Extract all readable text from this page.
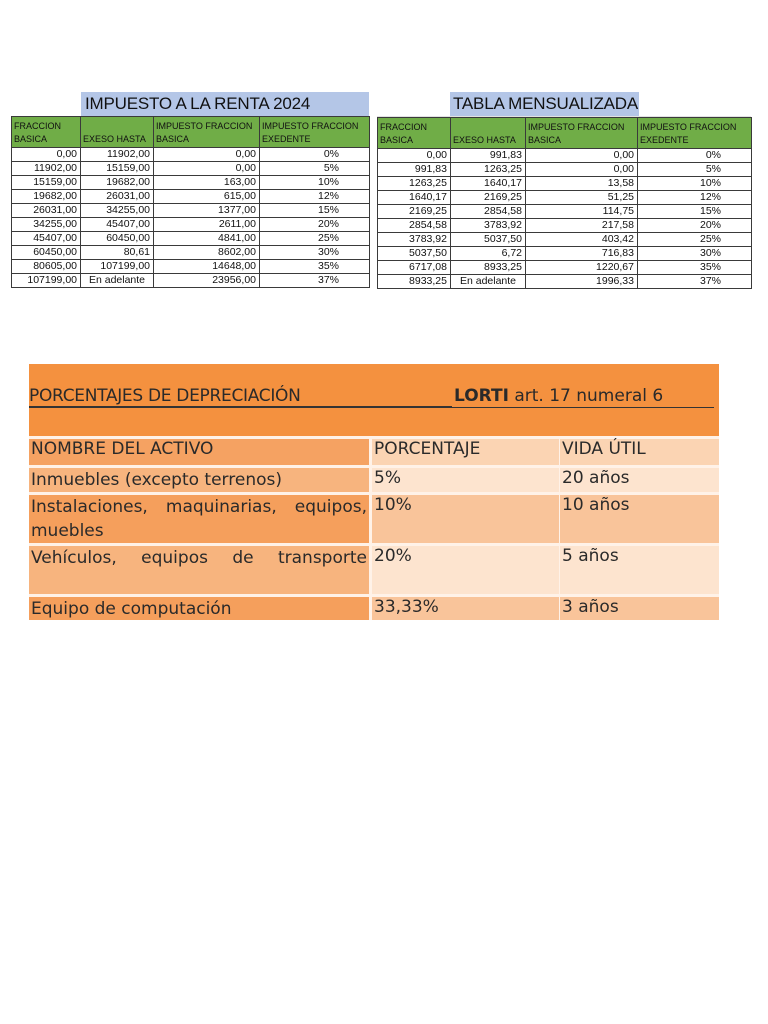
IMPUESTO A LA RENTA 2024
FRACCION BASICA	EXESO HASTA	IMPUESTO FRACCION BASICA	IMPUESTO FRACCION EXEDENTE
0,00	11902,00	0,00	0%
11902,00	15159,00	0,00	5%
15159,00	19682,00	163,00	10%
19682,00	26031,00	615,00	12%
26031,00	34255,00	1377,00	15%
34255,00	45407,00	2611,00	20%
45407,00	60450,00	4841,00	25%
60450,00	80,61	8602,00	30%
80605,00	107199,00	14648,00	35%
107199,00	En adelante	23956,00	37%
TABLA MENSUALIZADA
FRACCION BASICA	EXESO HASTA	IMPUESTO FRACCION BASICA	IMPUESTO FRACCION EXEDENTE
0,00	991,83	0,00	0%
991,83	1263,25	0,00	5%
1263,25	1640,17	13,58	10%
1640,17	2169,25	51,25	12%
2169,25	2854,58	114,75	15%
2854,58	3783,92	217,58	20%
3783,92	5037,50	403,42	25%
5037,50	6,72	716,83	30%
6717,08	8933,25	1220,67	35%
8933,25	En adelante	1996,33	37%
PORCENTAJES DE DEPRECIACIÓN	LORTI art. 17 numeral 6
NOMBRE DEL ACTIVO	PORCENTAJE	VIDA ÚTIL
Inmuebles (excepto terrenos)	5%	20 años
Instalaciones, maquinarias, equipos, muebles	10%	10 años
Vehículos, equipos de transporte	20%	5 años
Equipo de computación	33,33%	3 años
